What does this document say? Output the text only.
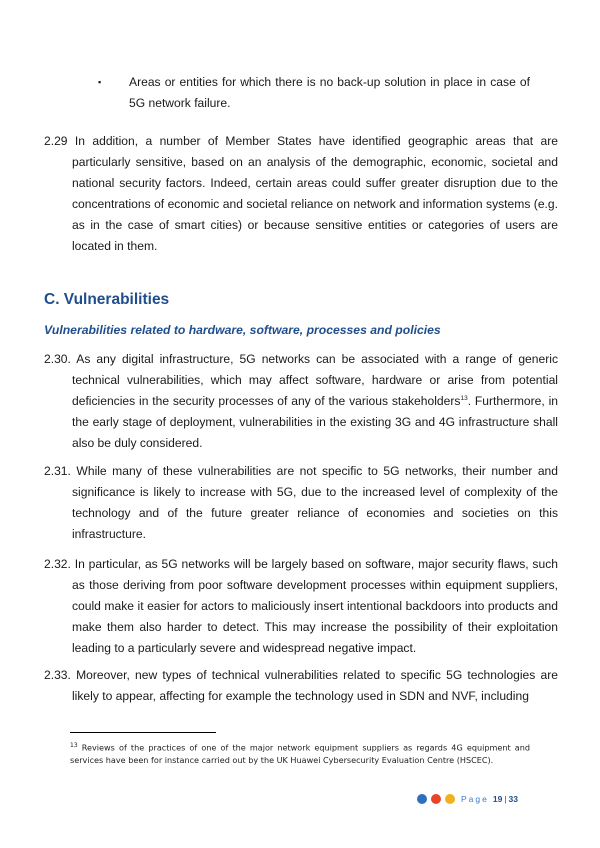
▪ Areas or entities for which there is no back-up solution in place in case of 5G network failure.
2.29 In addition, a number of Member States have identified geographic areas that are particularly sensitive, based on an analysis of the demographic, economic, societal and national security factors. Indeed, certain areas could suffer greater disruption due to the concentrations of economic and societal reliance on network and information systems (e.g. as in the case of smart cities) or because sensitive entities or categories of users are located in them.
C. Vulnerabilities
Vulnerabilities related to hardware, software, processes and policies
2.30. As any digital infrastructure, 5G networks can be associated with a range of generic technical vulnerabilities, which may affect software, hardware or arise from potential deficiencies in the security processes of any of the various stakeholders$^{13}$. Furthermore, in the early stage of deployment, vulnerabilities in the existing 3G and 4G infrastructure shall also be duly considered.
2.31. While many of these vulnerabilities are not specific to 5G networks, their number and significance is likely to increase with 5G, due to the increased level of complexity of the technology and of the future greater reliance of economies and societies on this infrastructure.
2.32. In particular, as 5G networks will be largely based on software, major security flaws, such as those deriving from poor software development processes within equipment suppliers, could make it easier for actors to maliciously insert intentional backdoors into products and make them also harder to detect. This may increase the possibility of their exploitation leading to a particularly severe and widespread negative impact.
2.33. Moreover, new types of technical vulnerabilities related to specific 5G technologies are likely to appear, affecting for example the technology used in SDN and NVF, including
$^{13}$ Reviews of the practices of one of the major network equipment suppliers as regards 4G equipment and services have been for instance carried out by the UK Huawei Cybersecurity Evaluation Centre (HSCEC).
Page 19 | 33
